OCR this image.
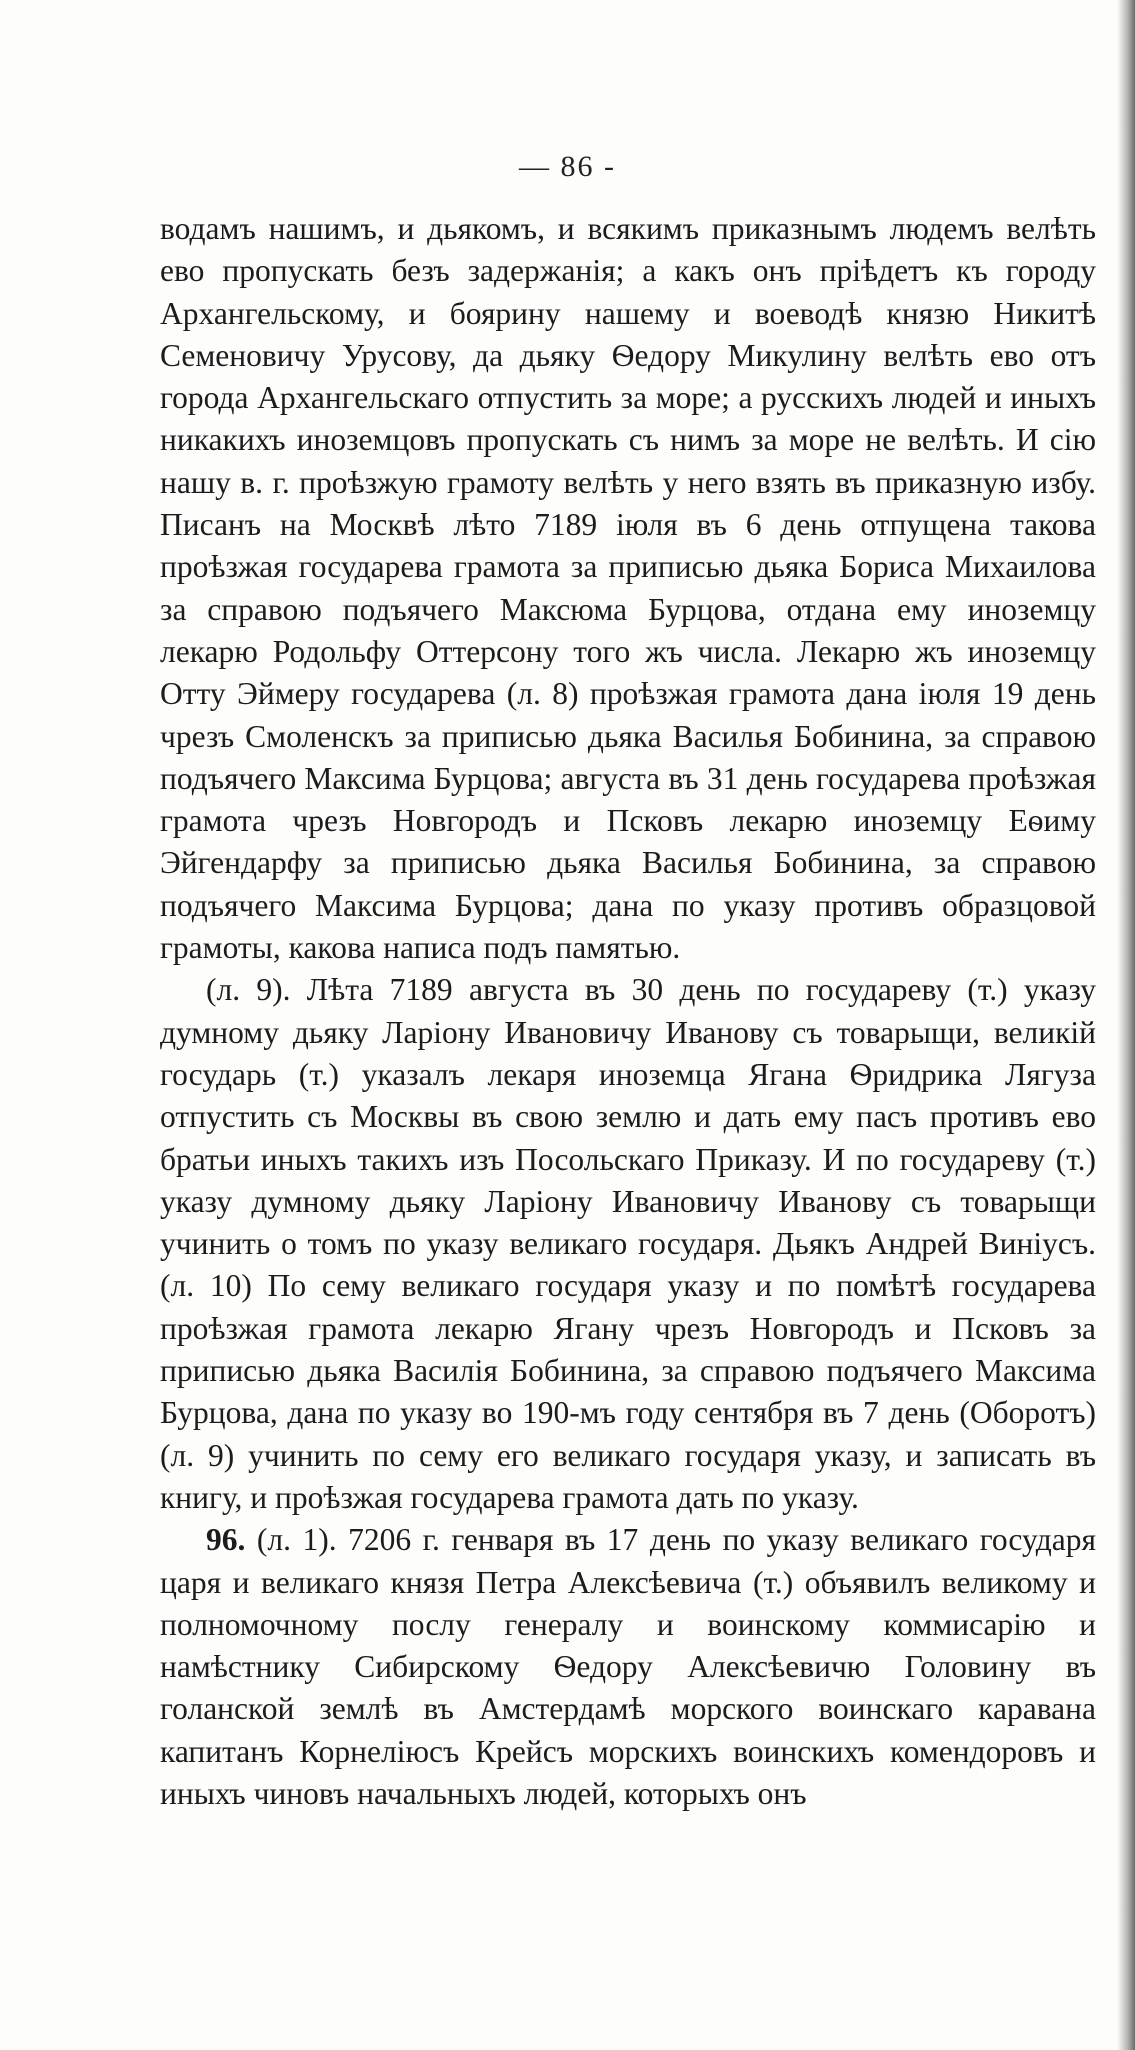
— 86 -

водамъ нашимъ, и дьякомъ, и всякимъ приказнымъ людемъ велѣть ево пропускать безъ задержанія; а какъ онъ пріѣдетъ къ городу Архангельскому, и боярину нашему и воеводѣ князю Никитѣ Семеновичу Урусову, да дьяку Ѳедору Микулину велѣть ево отъ города Архангельскаго отпустить за море; а русскихъ людей и иныхъ никакихъ иноземцовъ пропускать съ нимъ за море не велѣть. И сію нашу в. г. проѣзжую грамоту велѣть у него взять въ приказную избу. Писанъ на Москвѣ лѣто 7189 іюля въ 6 день отпущена такова проѣзжая государева грамота за приписью дьяка Бориса Михаилова за справою подъячего Максюма Бурцова, отдана ему иноземцу лекарю Родольфу Оттерсону того жъ числа. Лекарю жъ иноземцу Отту Эймеру государева (л. 8) проѣзжая грамота дана іюля 19 день чрезъ Смоленскъ за приписью дьяка Василья Бобинина, за справою подъячего Максима Бурцова; августа въ 31 день государева проѣзжая грамота чрезъ Новгородъ и Псковъ лекарю иноземцу Еѳиму Эйгендарфу за приписью дьяка Василья Бобинина, за справою подъячего Максима Бурцова; дана по указу противъ образцовой грамоты, какова написа подъ памятью.

(л. 9). Лѣта 7189 августа въ 30 день по государеву (т.) указу думному дьяку Ларіону Ивановичу Иванову съ товарыщи, великій государь (т.) указалъ лекаря иноземца Ягана Ѳридрика Лягуза отпустить съ Москвы въ свою землю и дать ему пасъ противъ ево братьи иныхъ такихъ изъ Посольскаго Приказу. И по государеву (т.) указу думному дьяку Ларіону Ивановичу Иванову съ товарыщи учинить о томъ по указу великаго государя. Дьякъ Андрей Виніусъ. (л. 10) По сему великаго государя указу и по помѣтѣ государева проѣзжая грамота лекарю Ягану чрезъ Новгородъ и Псковъ за приписью дьяка Василія Бобинина, за справою подъячего Максима Бурцова, дана по указу во 190-мъ году сентября въ 7 день (Оборотъ) (л. 9) учинить по сему его великаго государя указу, и записать въ книгу, и проѣзжая государева грамота дать по указу.

96. (л. 1). 7206 г. генваря въ 17 день по указу великаго государя царя и великаго князя Петра Алексѣевича (т.) объявилъ великому и полномочному послу генералу и воинскому коммисарію и намѣстнику Сибирскому Ѳедору Алексѣевичю Головину въ голанской землѣ въ Амстердамѣ морского воинскаго каравана капитанъ Корнеліюсъ Крейсъ морскихъ воинскихъ комендоровъ и иныхъ чиновъ начальныхъ людей, которыхъ онъ
